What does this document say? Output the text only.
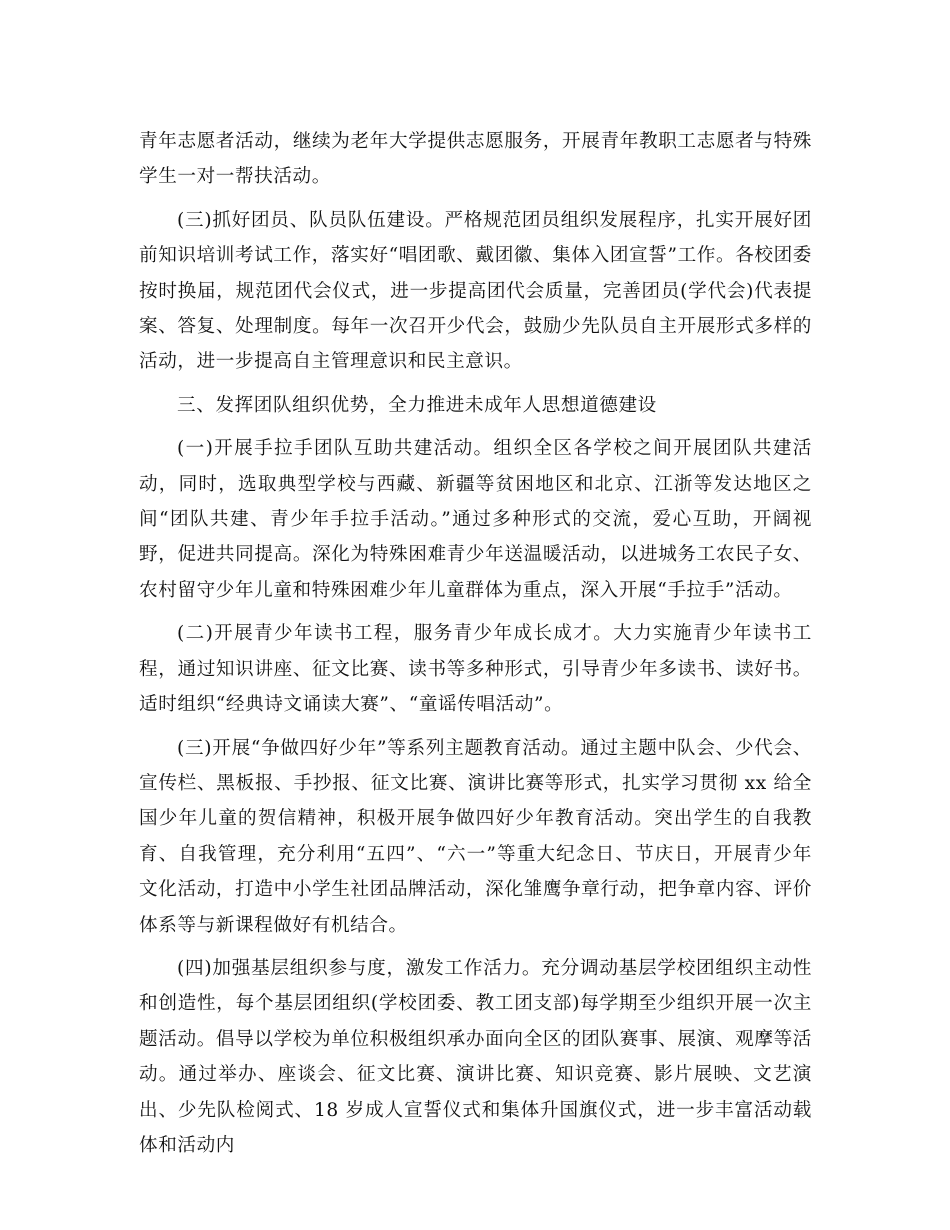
青年志愿者活动，继续为老年大学提供志愿服务，开展青年教职工志愿者与特殊学生一对一帮扶活动。

(三)抓好团员、队员队伍建设。严格规范团员组织发展程序，扎实开展好团前知识培训考试工作，落实好“唱团歌、戴团徽、集体入团宣誓”工作。各校团委按时换届，规范团代会仪式，进一步提高团代会质量，完善团员(学代会)代表提案、答复、处理制度。每年一次召开少代会，鼓励少先队员自主开展形式多样的活动，进一步提高自主管理意识和民主意识。

三、发挥团队组织优势，全力推进未成年人思想道德建设

(一)开展手拉手团队互助共建活动。组织全区各学校之间开展团队共建活动，同时，选取典型学校与西藏、新疆等贫困地区和北京、江浙等发达地区之间“团队共建、青少年手拉手活动。”通过多种形式的交流，爱心互助，开阔视野，促进共同提高。深化为特殊困难青少年送温暖活动，以进城务工农民子女、农村留守少年儿童和特殊困难少年儿童群体为重点，深入开展“手拉手”活动。

(二)开展青少年读书工程，服务青少年成长成才。大力实施青少年读书工程，通过知识讲座、征文比赛、读书等多种形式，引导青少年多读书、读好书。适时组织“经典诗文诵读大赛”、“童谣传唱活动”。

(三)开展“争做四好少年”等系列主题教育活动。通过主题中队会、少代会、宣传栏、黑板报、手抄报、征文比赛、演讲比赛等形式，扎实学习贯彻 xx 给全国少年儿童的贺信精神，积极开展争做四好少年教育活动。突出学生的自我教育、自我管理，充分利用“五四”、“六一”等重大纪念日、节庆日，开展青少年文化活动，打造中小学生社团品牌活动，深化雏鹰争章行动，把争章内容、评价体系等与新课程做好有机结合。

(四)加强基层组织参与度，激发工作活力。充分调动基层学校团组织主动性和创造性，每个基层团组织(学校团委、教工团支部)每学期至少组织开展一次主题活动。倡导以学校为单位积极组织承办面向全区的团队赛事、展演、观摩等活动。通过举办、座谈会、征文比赛、演讲比赛、知识竞赛、影片展映、文艺演出、少先队检阅式、18 岁成人宣誓仪式和集体升国旗仪式，进一步丰富活动载体和活动内
